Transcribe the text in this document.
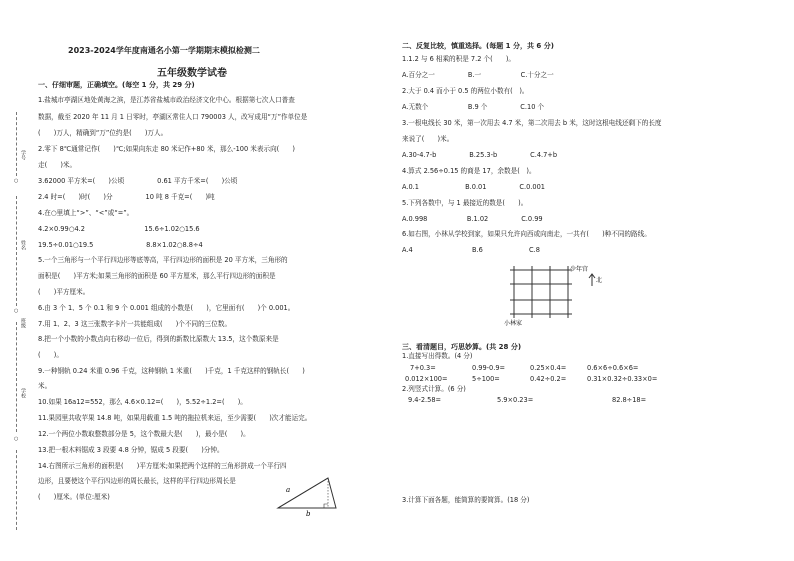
学号
姓名
班级
学校
○
○
○
2023-2024学年度南通名小第一学期期末模拟检测二
五年级数学试卷
一、仔细审题，正确填空。(每空 1 分，共 29 分)
1.盐城市亭湖区地处黄海之滨，是江苏省盐城市政治经济文化中心。根据第七次人口普查
数据，截至 2020 年 11 月 1 日零时，亭湖区常住人口 790003 人，改写成用“万”作单位是
(　　)万人，精确到“万”位约是(　　)万人。
2.零下 8℃通常记作(　　)℃;如果向东走 80 米记作+80 米，那么-100 米表示向(　　)
走(　　)米。
3.62000 平方米=(　　)公顷　　　　　0.61 平方千米=(　　)公顷
2.4 时=(　　)时(　　)分　　　　　10 吨 8 千克=(　　)吨
4.在○里填上“>”、“<”或“=”。
4.2×0.99○4.2　　　　　　　　　15.6÷1.02○15.6
19.5÷0.01○19.5　　　　　　　　8.8×1.02○8.8÷4
5.一个三角形与一个平行四边形等底等高，平行四边形的面积是 20 平方米，三角形的
面积是(　　)平方米;如果三角形的面积是 60 平方厘米，那么平行四边形的面积是
(　　)平方厘米。
6.由 3 个 1、5 个 0.1 和 9 个 0.001 组成的小数是(　　)，它里面有(　　)个 0.001。
7.用 1、2、3 这三张数字卡片一共能组成(　　)个不同的三位数。
8.把一个小数的小数点向右移动一位后，得到的新数比原数大 13.5，这个数原来是
(　　)。
9.一种钢轨 0.24 米重 0.96 千克，这种钢轨 1 米重(　　)千克，1 千克这样的钢轨长(　　)
米。
10.如果 16a12=552，那么 4.6×0.12=(　　)，5.52÷1.2=(　　)。
11.果园里共收苹果 14.8 吨，如果用载重 1.5 吨的拖拉机来运，至少需要(　　)次才能运完。
12.一个两位小数取整数部分是 5，这个数最大是(　　)，最小是(　　)。
13.把一根木料锯成 3 段要 4.8 分钟，锯成 5 段要(　　)分钟。
14.右图所示三角形的面积是(　　)平方厘米;如果把两个这样的三角形拼成一个平行四
边形，且要使这个平行四边形的周长最长，这样的平行四边形周长是
(　　)厘米。(单位:厘米)
a
b
二、反复比较，慎重选择。(每题 1 分，共 6 分)
1.1.2 与 6 相乘的积是 7.2 个(　　)。
A.百分之一　　　　　B.一　　　　　　C.十分之一
2.大于 0.4 而小于 0.5 的两位小数有(　)。
A.无数个　　　　　　B.9 个　　　　　C.10 个
3.一根电线长 30 米，第一次用去 4.7 米，第二次用去 b 米，这时这根电线还剩下的长度
来说了(　　)米。
A.30-4.7-b　　　　　B.25.3-b　　　　　C.4.7+b
4.算式 2.56÷0.15 的商是 17，余数是(　)。
A.0.1　　　　　　　B.0.01　　　　　C.0.001
5.下列各数中，与 1 最接近的数是(　　)。
A.0.998　　　　　　B.1.02　　　　　C.0.99
6.如右图，小林从学校到家，如果只允许向西或向南走，一共有(　　)种不同的路线。
A.4　　　　　　　　　B.6　　　　　　　C.8
少年宫
北
小林家
三、看清题目，巧思妙算。(共 28 分)
1.直接写出得数。(4 分)
7+0.3=	0.99-0.9=	0.25×0.4=	0.6×6÷0.6×6=
0.012×100=	5÷100=	0.42÷0.2=	0.31×0.32÷0.33×0=
2.列竖式计算。(6 分)
9.4-2.58=	5.9×0.23=	82.8÷18=
3.计算下面各题，能简算的要简算。(18 分)
